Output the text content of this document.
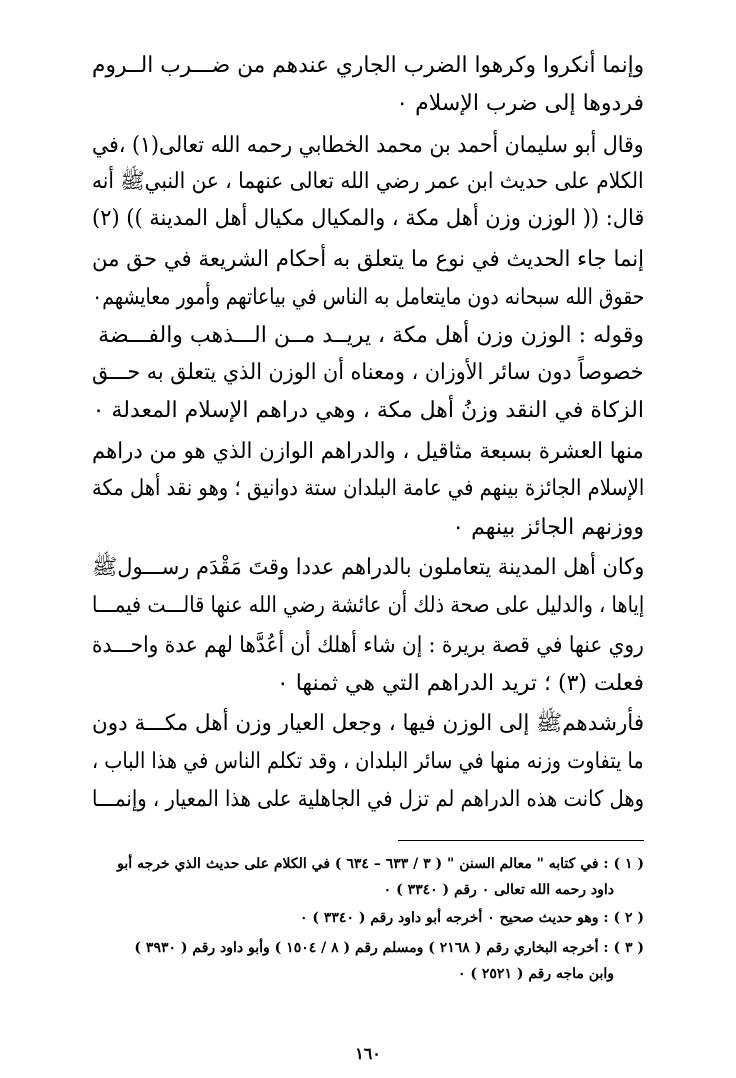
وإنما أنكروا وكرهوا الضرب الجاري عندهم من ضـــرب الــروم
فردوها إلى ضرب الإسلام ٠
وقال أبو سليمان أحمد بن محمد الخطابي رحمه الله تعالى(١) ،في
الكلام على حديث ابن عمر رضي الله تعالى عنهما ، عن النبيﷺ أنه
قال: (( الوزن وزن أهل مكة ، والمكيال مكيال أهل المدينة )) (٢)
إنما جاء الحديث في نوع ما يتعلق به أحكام الشريعة في حق من
حقوق الله سبحانه دون مايتعامل به الناس في بياعاتهم وأمور معايشهم٠
وقوله : الوزن وزن أهل مكة ، يريــد مــن الـــذهب والفـــضة
خصوصاً دون سائر الأوزان ، ومعناه أن الوزن الذي يتعلق به حـــق
الزكاة في النقد وزنُ أهل مكة ، وهي دراهم الإسلام المعدلة ٠
منها العشرة بسبعة مثاقيل ، والدراهم الوازن الذي هو من دراهم
الإسلام الجائزة بينهم في عامة البلدان ستة دوانيق ؛ وهو نقد أهل مكة
ووزنهم الجائز بينهم ٠
وكان أهل المدينة يتعاملون بالدراهم عددا وقتَ مَقْدَم رســـولﷺ
إياها ، والدليل على صحة ذلك أن عائشة رضي الله عنها قالـــت فيمـــا
روي عنها في قصة بريرة : إن شاء أهلك أن أعُدَّها لهم عدة واحـــدة
فعلت (٣) ؛ تريد الدراهم التي هي ثمنها ٠
فأرشدهمﷺ إلى الوزن فيها ، وجعل العيار وزن أهل مكـــة دون
ما يتفاوت وزنه منها في سائر البلدان ، وقد تكلم الناس في هذا الباب ،
وهل كانت هذه الدراهم لم تزل في الجاهلية على هذا المعيار ، وإنمـــا
( ١ ) : في كتابه " معالم السنن " ( ٣ / ٦٣٣ – ٦٣٤ ) في الكلام على حديث الذي خرجه أبو
داود رحمه الله تعالى ٠ رقم ( ٣٣٤٠ ) ٠
( ٢ ) : وهو حديث صحيح ٠ أخرجه أبو داود رقم ( ٣٣٤٠ ) ٠
( ٣ ) : أخرجه البخاري رقم ( ٢١٦٨ ) ومسلم رقم ( ٨ / ١٥٠٤ ) وأبو داود رقم ( ٣٩٣٠ )
وابن ماجه رقم ( ٢٥٢١ ) ٠
١٦٠
